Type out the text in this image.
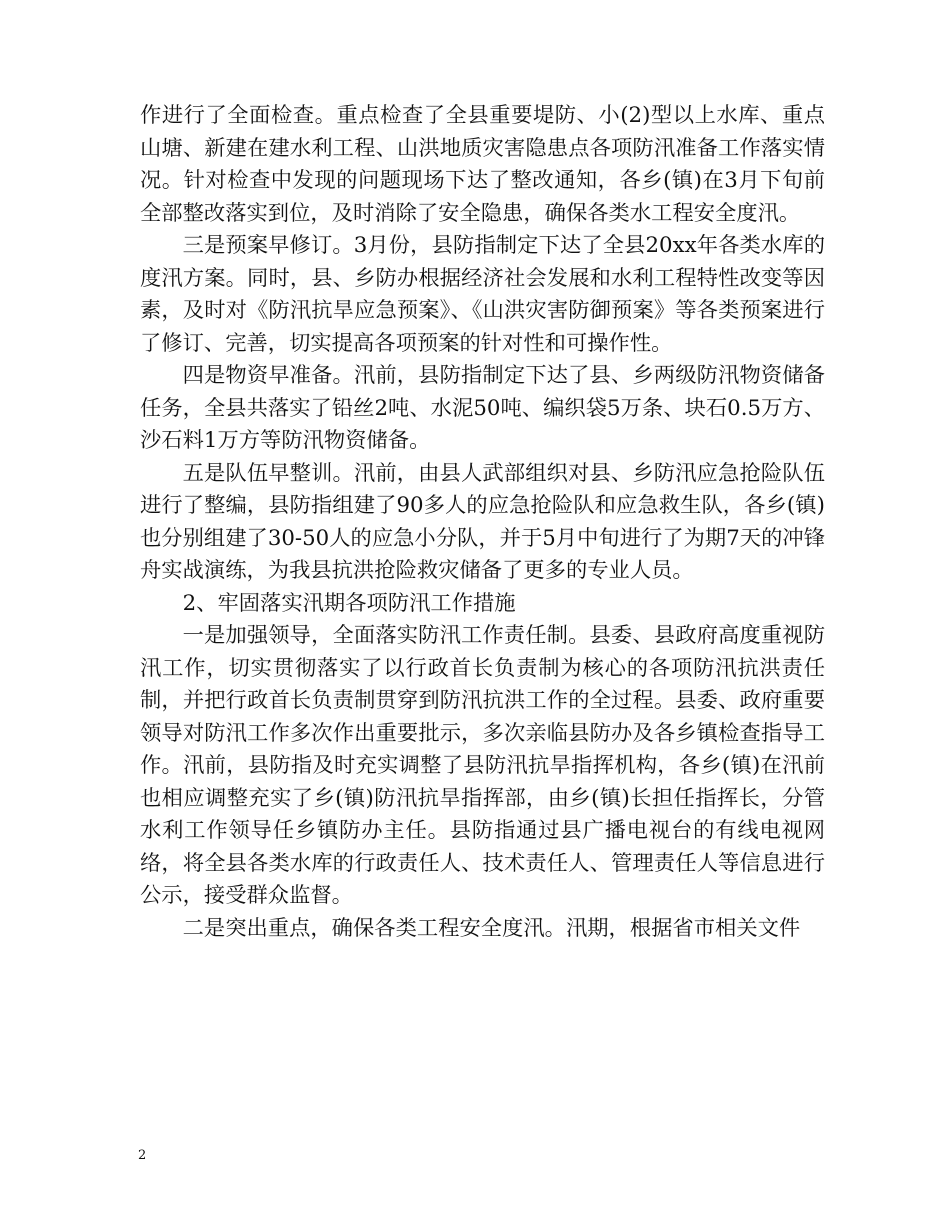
作进行了全面检查。重点检查了全县重要堤防、小(2)型以上水库、重点山塘、新建在建水利工程、山洪地质灾害隐患点各项防汛准备工作落实情况。针对检查中发现的问题现场下达了整改通知，各乡(镇)在3月下旬前全部整改落实到位，及时消除了安全隐患，确保各类水工程安全度汛。

三是预案早修订。3月份，县防指制定下达了全县20xx年各类水库的度汛方案。同时，县、乡防办根据经济社会发展和水利工程特性改变等因素，及时对《防汛抗旱应急预案》、《山洪灾害防御预案》等各类预案进行了修订、完善，切实提高各项预案的针对性和可操作性。

四是物资早准备。汛前，县防指制定下达了县、乡两级防汛物资储备任务，全县共落实了铅丝2吨、水泥50吨、编织袋5万条、块石0.5万方、沙石料1万方等防汛物资储备。

五是队伍早整训。汛前，由县人武部组织对县、乡防汛应急抢险队伍进行了整编，县防指组建了90多人的应急抢险队和应急救生队，各乡(镇)也分别组建了30-50人的应急小分队，并于5月中旬进行了为期7天的冲锋舟实战演练，为我县抗洪抢险救灾储备了更多的专业人员。

2、牢固落实汛期各项防汛工作措施

一是加强领导，全面落实防汛工作责任制。县委、县政府高度重视防汛工作，切实贯彻落实了以行政首长负责制为核心的各项防汛抗洪责任制，并把行政首长负责制贯穿到防汛抗洪工作的全过程。县委、政府重要领导对防汛工作多次作出重要批示，多次亲临县防办及各乡镇检查指导工作。汛前，县防指及时充实调整了县防汛抗旱指挥机构，各乡(镇)在汛前也相应调整充实了乡(镇)防汛抗旱指挥部，由乡(镇)长担任指挥长，分管水利工作领导任乡镇防办主任。县防指通过县广播电视台的有线电视网络，将全县各类水库的行政责任人、技术责任人、管理责任人等信息进行公示，接受群众监督。

二是突出重点，确保各类工程安全度汛。汛期，根据省市相关文件

2
